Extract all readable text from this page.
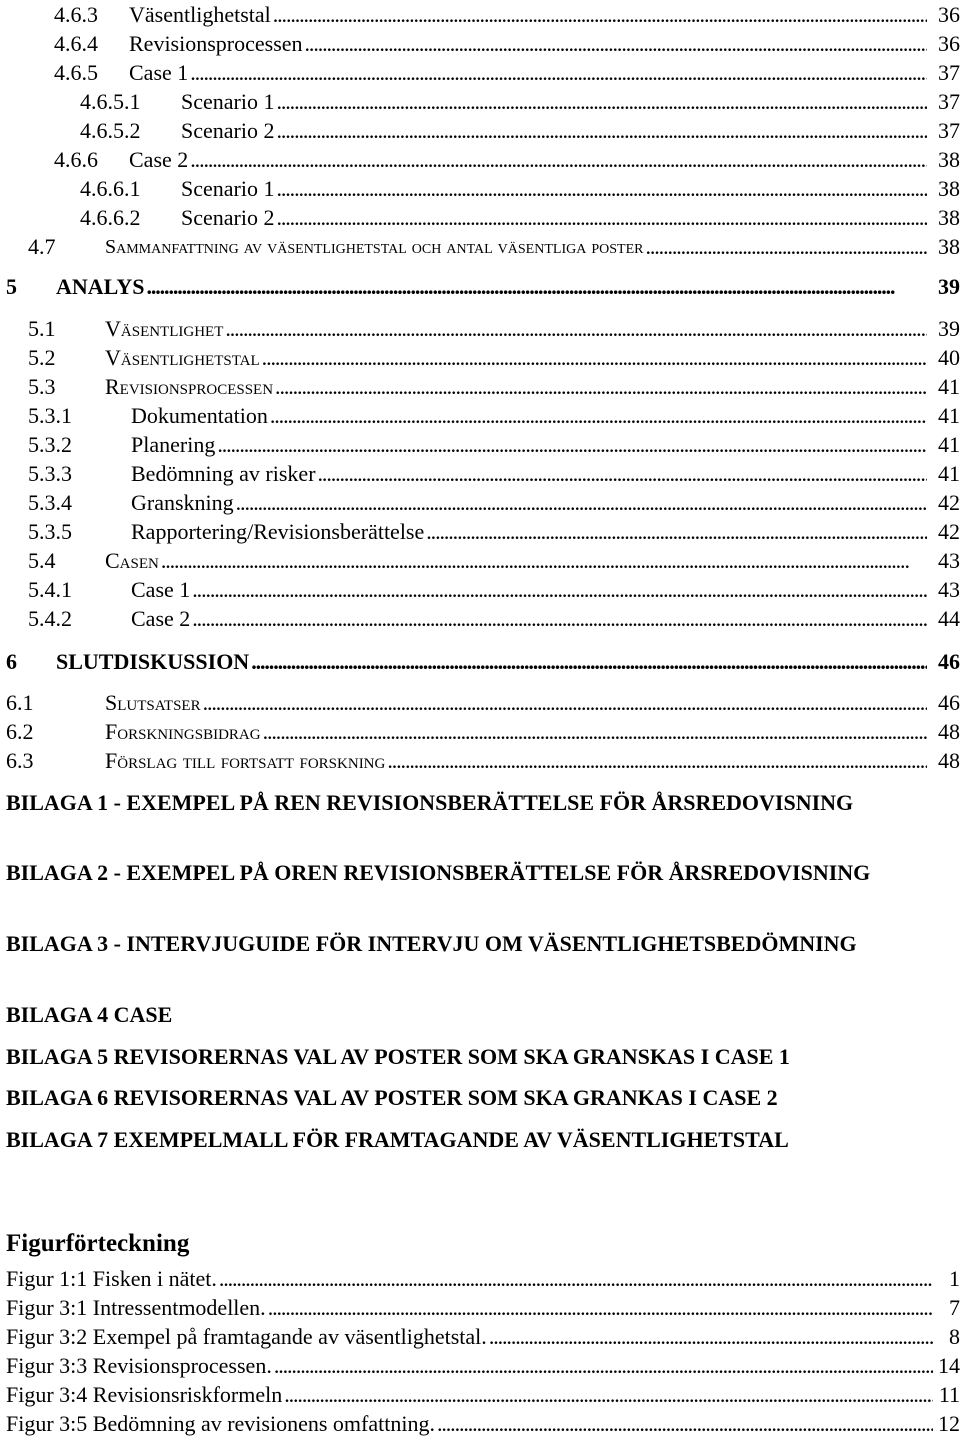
4.6.3	Väsentlighetstal . . .	36
4.6.4	Revisionsprocessen . . .	36
4.6.5	Case 1 . . .	37
4.6.5.1	Scenario 1 . . .	37
4.6.5.2	Scenario 2 . . .	37
4.6.6	Case 2 . . .	38
4.6.6.1	Scenario 1 . . .	38
4.6.6.2	Scenario 2 . . .	38
4.7	Sammanfattning av väsentlighetstal och antal väsentliga poster . . .	38
5	ANALYS . . .	39
5.1	Väsentlighet . . .	39
5.2	Väsentlighetstal . . .	40
5.3	Revisionsprocessen . . .	41
5.3.1	Dokumentation . . .	41
5.3.2	Planering . . .	41
5.3.3	Bedömning av risker . . .	41
5.3.4	Granskning . . .	42
5.3.5	Rapportering/Revisionsberättelse . . .	42
5.4	Casen . . .	43
5.4.1	Case 1 . . .	43
5.4.2	Case 2 . . .	44
6	SLUTDISKUSSION . . .	46
6.1	Slutsatser . . .	46
6.2	Forskningsbidrag . . .	48
6.3	Förslag till fortsatt forskning . . .	48
BILAGA 1 - EXEMPEL PÅ REN REVISIONSBERÄTTELSE FÖR ÅRSREDOVISNING
BILAGA 2 - EXEMPEL PÅ OREN REVISIONSBERÄTTELSE FÖR ÅRSREDOVISNING
BILAGA 3 - INTERVJUGUIDE FÖR INTERVJU OM VÄSENTLIGHETSBEDÖMNING
BILAGA 4 CASE
BILAGA 5 REVISORERNAS VAL AV POSTER SOM SKA GRANSKAS I CASE 1
BILAGA 6 REVISORERNAS VAL AV POSTER SOM SKA GRANKAS I CASE 2
BILAGA 7 EXEMPELMALL FÖR FRAMTAGANDE AV VÄSENTLIGHETSTAL
Figurförteckning
Figur 1:1 Fisken i nätet. . . .	1
Figur 3:1 Intressentmodellen. . . .	7
Figur 3:2 Exempel på framtagande av väsentlighetstal. . . .	8
Figur 3:3 Revisionsprocessen. . . .	14
Figur 3:4 Revisionsriskformeln . . .	11
Figur 3:5 Bedömning av revisionens omfattning. . . .	12
